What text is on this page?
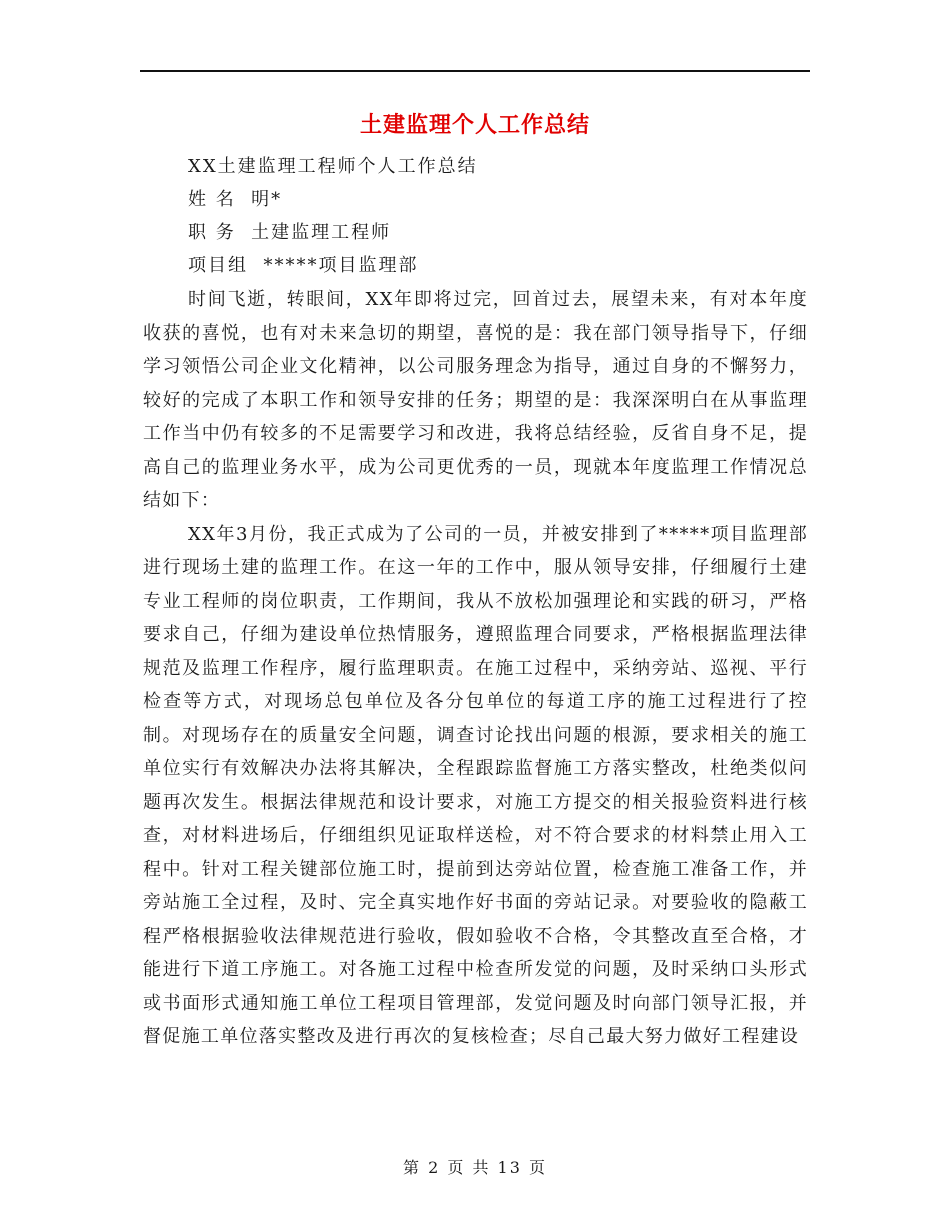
土建监理个人工作总结
XX土建监理工程师个人工作总结
姓 名  明*
职 务  土建监理工程师
项目组  *****项目监理部

时间飞逝，转眼间，XX年即将过完，回首过去，展望未来，有对本年度收获的喜悦，也有对未来急切的期望，喜悦的是：我在部门领导指导下，仔细学习领悟公司企业文化精神，以公司服务理念为指导，通过自身的不懈努力，较好的完成了本职工作和领导安排的任务；期望的是：我深深明白在从事监理工作当中仍有较多的不足需要学习和改进，我将总结经验，反省自身不足，提高自己的监理业务水平，成为公司更优秀的一员，现就本年度监理工作情况总结如下：

XX年3月份，我正式成为了公司的一员，并被安排到了*****项目监理部进行现场土建的监理工作。在这一年的工作中，服从领导安排，仔细履行土建专业工程师的岗位职责，工作期间，我从不放松加强理论和实践的研习，严格要求自己，仔细为建设单位热情服务，遵照监理合同要求，严格根据监理法律规范及监理工作程序，履行监理职责。在施工过程中，采纳旁站、巡视、平行检查等方式，对现场总包单位及各分包单位的每道工序的施工过程进行了控制。对现场存在的质量安全问题，调查讨论找出问题的根源，要求相关的施工单位实行有效解决办法将其解决，全程跟踪监督施工方落实整改，杜绝类似问题再次发生。根据法律规范和设计要求，对施工方提交的相关报验资料进行核查，对材料进场后，仔细组织见证取样送检，对不符合要求的材料禁止用入工程中。针对工程关键部位施工时，提前到达旁站位置，检查施工准备工作，并旁站施工全过程，及时、完全真实地作好书面的旁站记录。对要验收的隐蔽工程严格根据验收法律规范进行验收，假如验收不合格，令其整改直至合格，才能进行下道工序施工。对各施工过程中检查所发觉的问题，及时采纳口头形式或书面形式通知施工单位工程项目管理部，发觉问题及时向部门领导汇报，并督促施工单位落实整改及进行再次的复核检查；尽自己最大努力做好工程建设

第 2 页 共 13 页
